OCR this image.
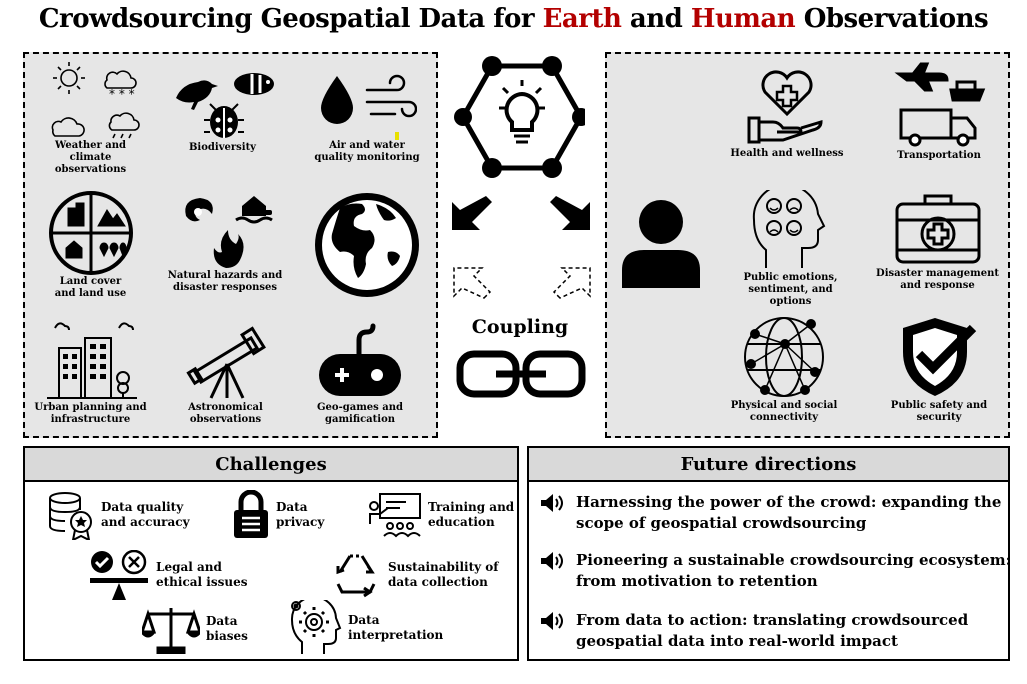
Crowdsourcing Geospatial Data for Earth and Human Observations
* * *
Weather and climate
observations
Biodiversity	Air and water
quality monitoring
Land cover
and land use
Natural hazards and
disaster responses
Urban planning and
infrastructure
Astronomical
observations
Geo-games and
gamification
Coupling
Health and wellness	Transportation
Public emotions,
sentiment, and options
Disaster management
and response
Physical and social
connectivity
Public safety and
security
Challenges
Data quality
and accuracy
Data
privacy
Training and
education
Legal and
ethical issues
Sustainability of
data collection
Data
biases
Data
interpretation
Future directions
Harnessing the power of the crowd: expanding the
scope of geospatial crowdsourcing
Pioneering a sustainable crowdsourcing ecosystem:
from motivation to retention
From data to action: translating crowdsourced
geospatial data into real-world impact
